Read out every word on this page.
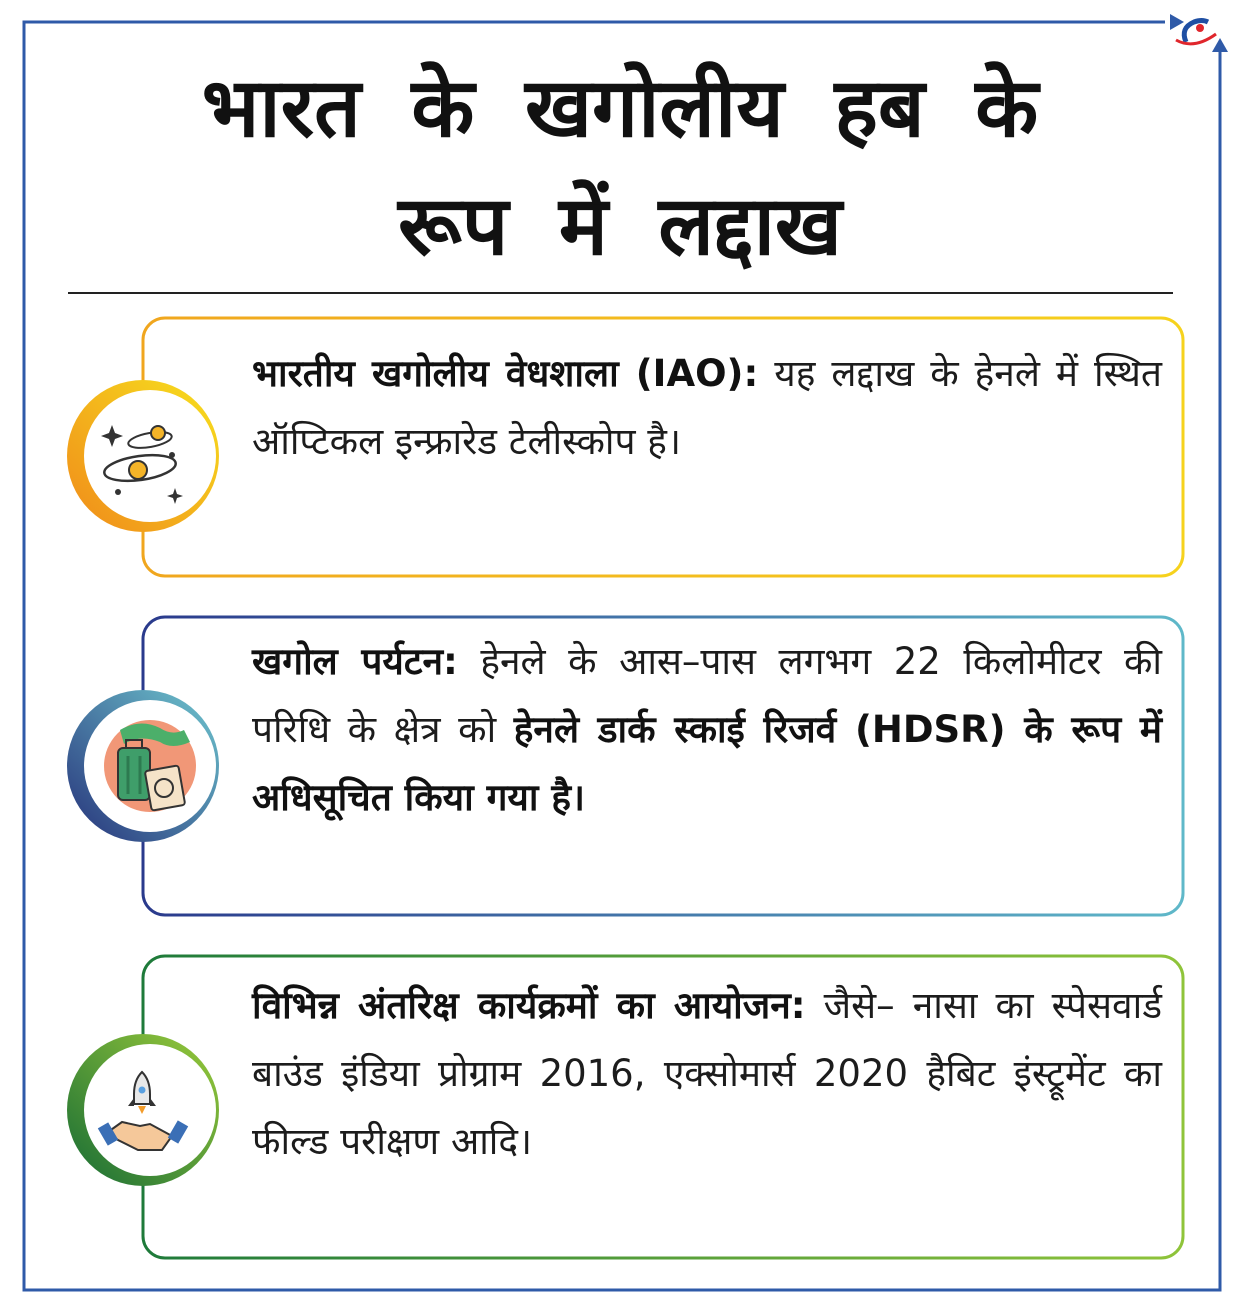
भारत के खगोलीय हब के
रूप में लद्दाख
भारतीय खगोलीय वेधशाला (IAO): यह लद्दाख के हेनले में स्थित ऑप्टिकल इन्फ्रारेड टेलीस्कोप है।
खगोल पर्यटन: हेनले के आस–पास लगभग 22 किलोमीटर की परिधि के क्षेत्र को हेनले डार्क स्काई रिजर्व (HDSR) के रूप में अधिसूचित किया गया है।
विभिन्न अंतरिक्ष कार्यक्रमों का आयोजन: जैसे– नासा का स्पेसवार्ड बाउंड इंडिया प्रोग्राम 2016, एक्सोमार्स 2020 हैबिट इंस्ट्रूमेंट का फील्ड परीक्षण आदि।
